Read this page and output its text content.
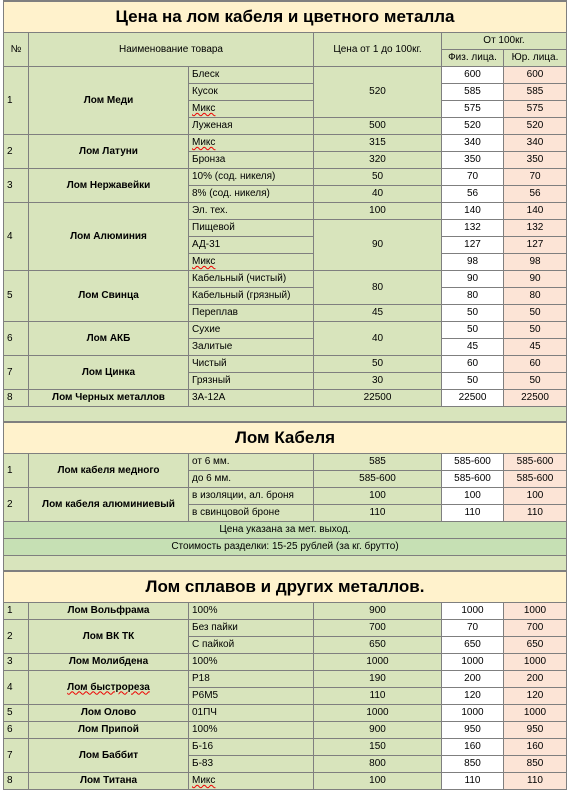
Цена на лом кабеля и цветного металла					
№	Наименование товара		Цена от 1 до 100кг.	От 100кг.	
				Физ. лица.	Юр. лица.
1	Лом Меди	Блеск	520	600	600
		Кусок		585	585
		Микс		575	575
		Луженая	500	520	520
2	Лом Латуни	Микс	315	340	340
		Бронза	320	350	350
3	Лом Нержавейки	10% (сод. никеля)	50	70	70
		8% (сод. никеля)	40	56	56
4	Лом Алюминия	Эл. тех.	100	140	140
		Пищевой	90	132	132
		АД-31		127	127
		Микс		98	98
5	Лом Свинца	Кабельный (чистый)	80	90	90
		Кабельный (грязный)		80	80
		Переплав	45	50	50
6	Лом АКБ	Сухие	40	50	50
		Залитые		45	45
7	Лом Цинка	Чистый	50	60	60
		Грязный	30	50	50
8	Лом Черных металлов	3А-12А	22500	22500	22500

Лом Кабеля					
1	Лом кабеля медного	от 6 мм.	585	585-600	585-600
		до 6 мм.	585-600	585-600	585-600
2	Лом кабеля алюминиевый	в изоляции, ал. броня	100	100	100
		в свинцовой броне	110	110	110
Цена указана за мет. выход.					
Стоимость разделки: 15-25 рублей (за кг. брутто)					

Лом сплавов и других металлов.					
1	Лом Вольфрама	100%	900	1000	1000
2	Лом ВК ТК	Без пайки	700	70	700
		С пайкой	650	650	650
3	Лом Молибдена	100%	1000	1000	1000
4	Лом быстрореза	Р18	190	200	200
		Р6М5	110	120	120
5	Лом Олово	01ПЧ	1000	1000	1000
6	Лом Припой	100%	900	950	950
7	Лом Баббит	Б-16	150	160	160
		Б-83	800	850	850
8	Лом Титана	Микс	100	110	110
